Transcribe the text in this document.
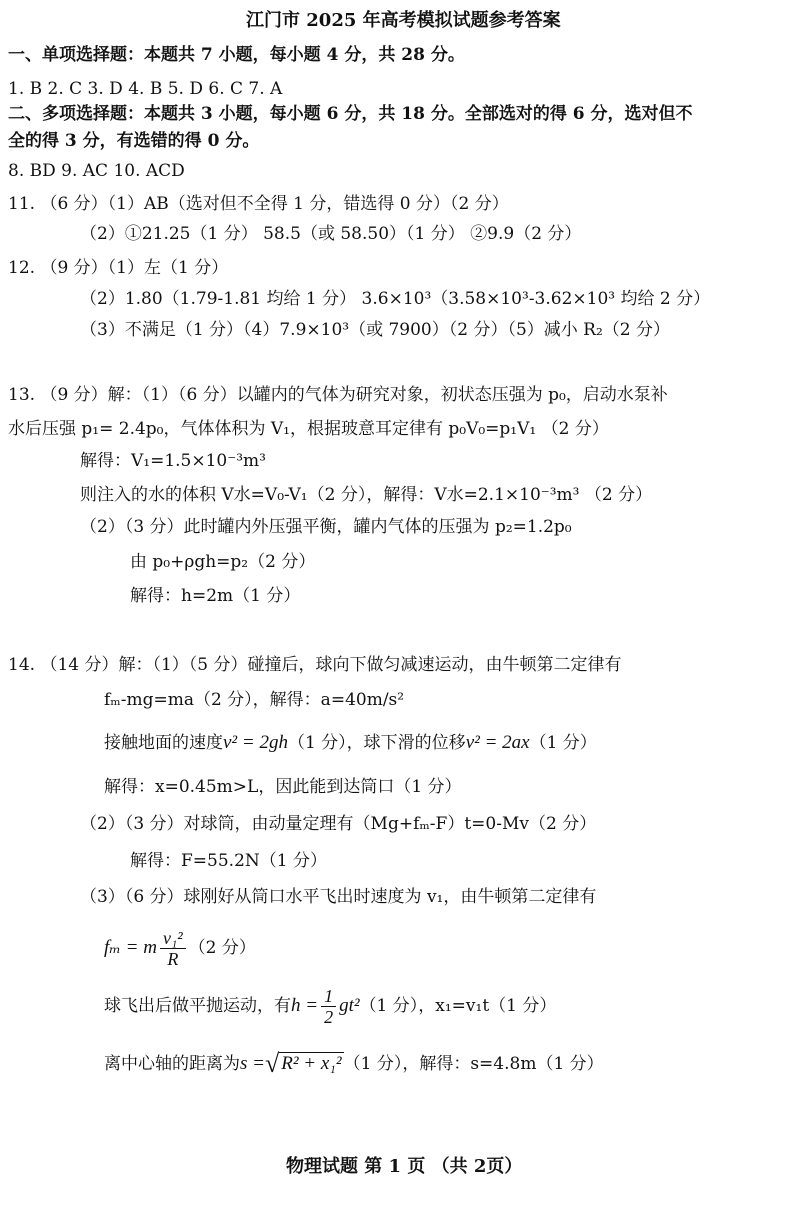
江门市 2025 年高考模拟试题参考答案
一、单项选择题：本题共 7 小题，每小题 4 分，共 28 分。
1. B 2. C 3. D 4. B 5. D 6. C 7. A
二、多项选择题：本题共 3 小题，每小题 6 分，共 18 分。全部选对的得 6 分，选对但不
全的得 3 分，有选错的得 0 分。
8. BD 9. AC 10. ACD
11. （6 分）（1）AB（选对但不全得 1 分，错选得 0 分）（2 分）
（2）①21.25（1 分） 58.5（或 58.50）（1 分） ②9.9（2 分）
12. （9 分）（1）左（1 分）
（2）1.80（1.79-1.81 均给 1 分） 3.6×10³（3.58×10³-3.62×10³ 均给 2 分）
（3）不满足（1 分）（4）7.9×10³（或 7900）（2 分）（5）减小 R₂（2 分）
13. （9 分）解：（1）（6 分）以罐内的气体为研究对象，初状态压强为 p₀，启动水泵补
水后压强 p₁= 2.4p₀，气体体积为 V₁，根据玻意耳定律有 p₀V₀=p₁V₁ （2 分）
解得：V₁=1.5×10⁻³m³
则注入的水的体积 V水=V₀-V₁（2 分），解得：V水=2.1×10⁻³m³ （2 分）
（2）（3 分）此时罐内外压强平衡，罐内气体的压强为 p₂=1.2p₀
由 p₀+ρgh=p₂（2 分）
解得：h=2m（1 分）
14. （14 分）解：（1）（5 分）碰撞后，球向下做匀减速运动，由牛顿第二定律有
fₘ-mg=ma（2 分），解得：a=40m/s²
接触地面的速度v² = 2gh（1 分），球下滑的位移v² = 2ax（1 分）
解得：x=0.45m>L，因此能到达筒口（1 分）
（2）（3 分）对球筒，由动量定理有（Mg+fₘ-F）t=0-Mv（2 分）
解得：F=55.2N（1 分）
（3）（6 分）球刚好从筒口水平飞出时速度为 v₁，由牛顿第二定律有
fₘ = m $\frac{\text{v₁²}}{R} (2$ 分）
球飞出后做平抛运动，有$h = \frac{1}{2} gt^2(1$ 分），x₁=v₁t（1 分）
离中心轴的距离为s =√ R² + x₁² （1 分），解得：s=4.8m（1 分）
物理试题 第 1 页 （共 2页）
